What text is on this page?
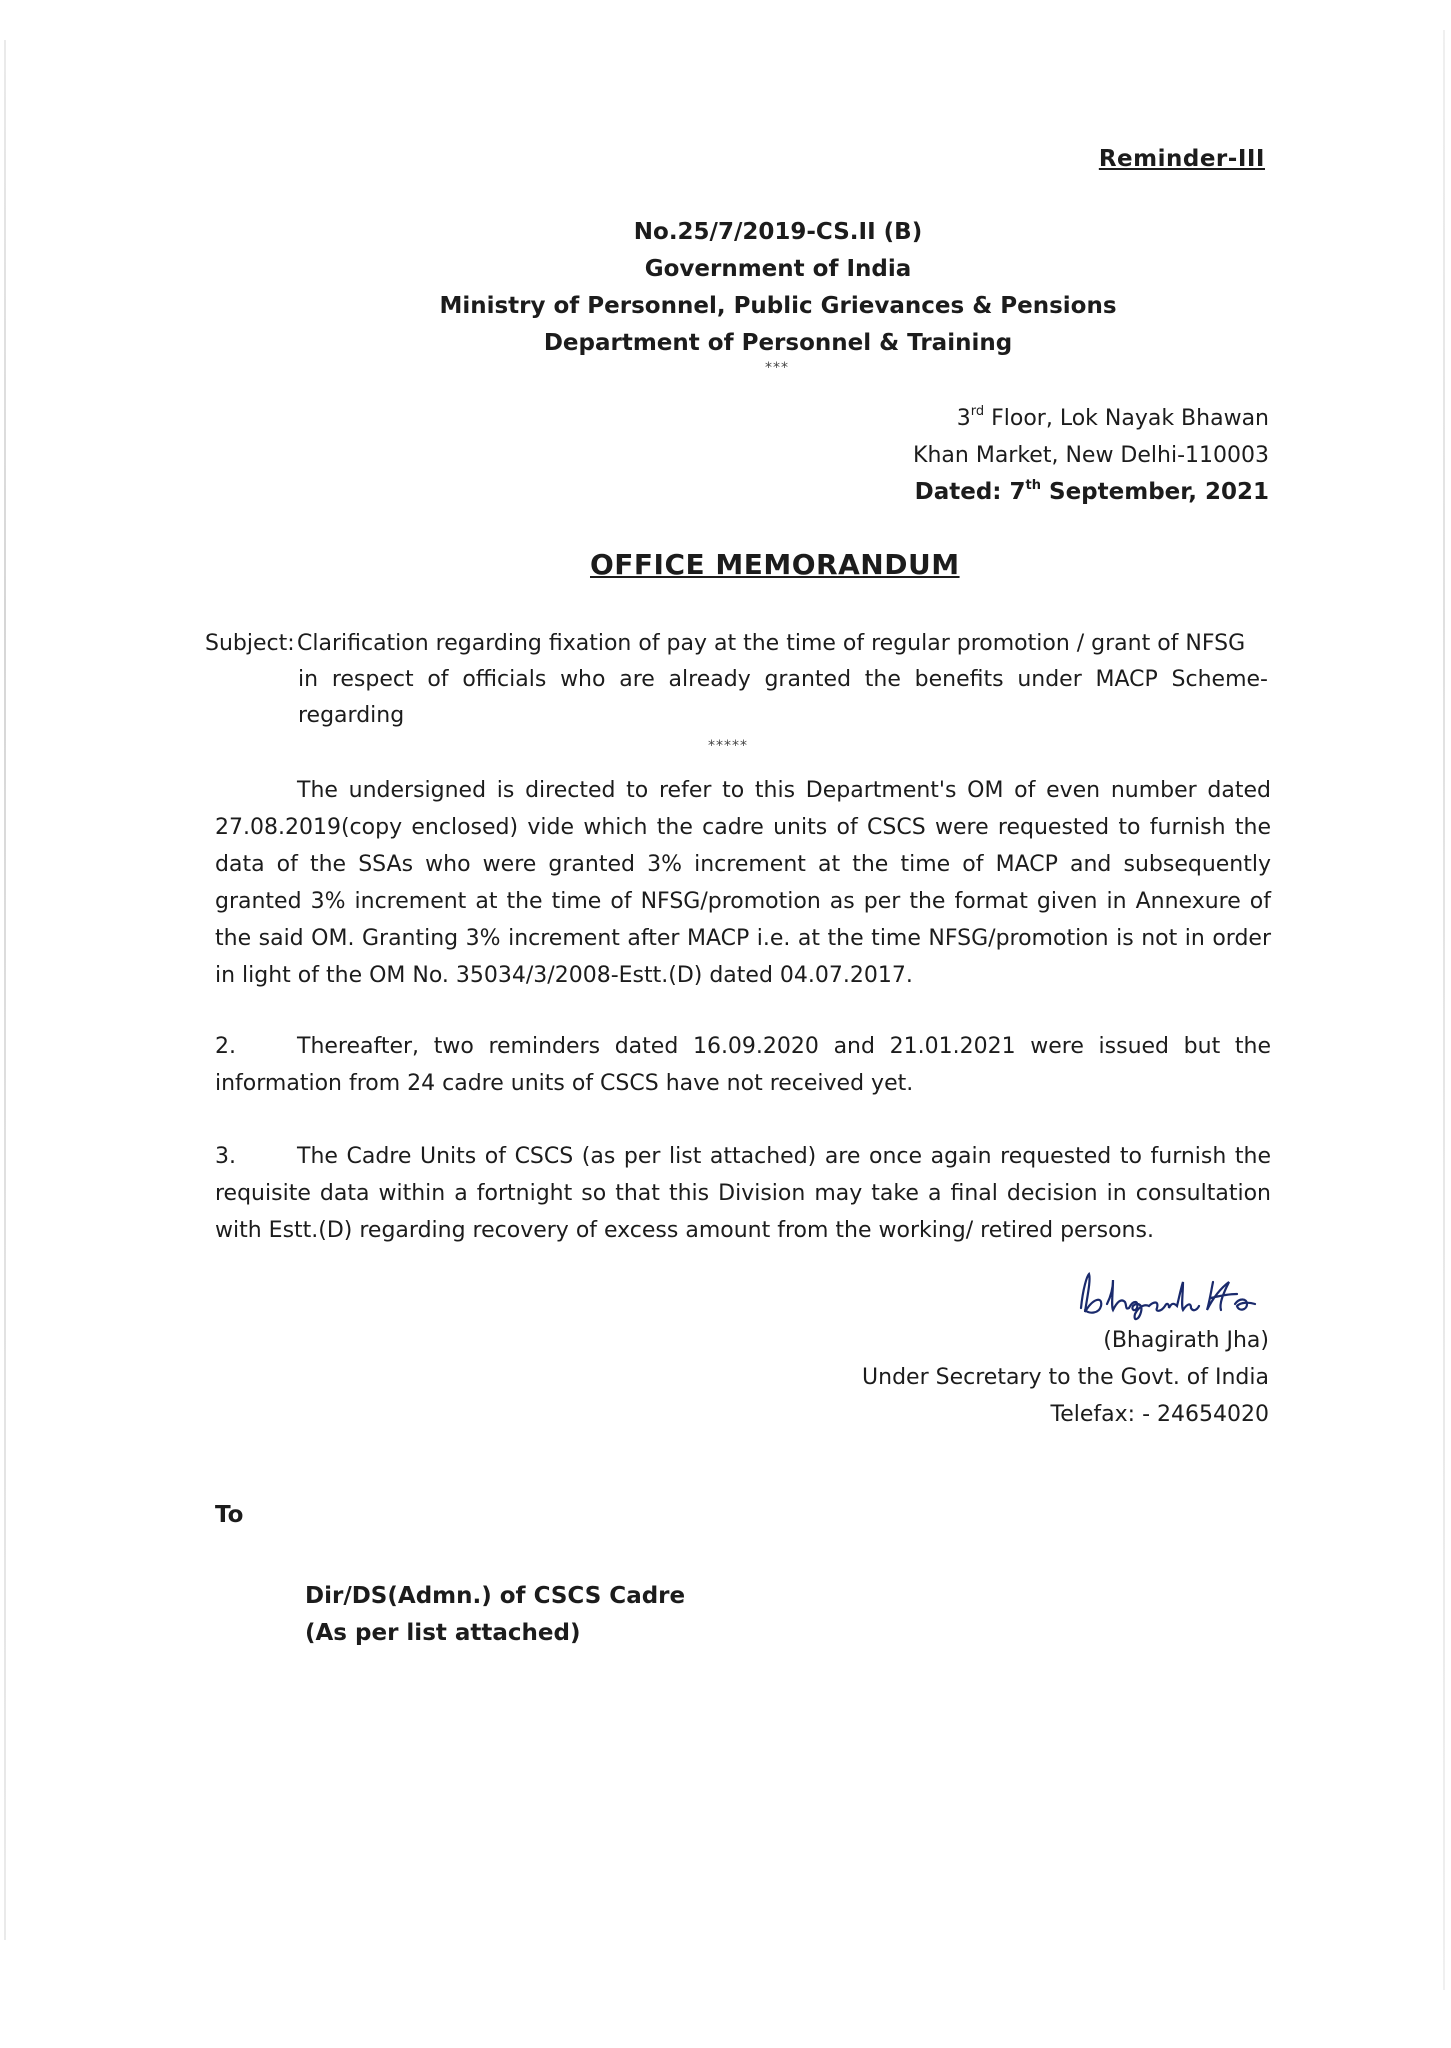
Reminder-III
No.25/7/2019-CS.II (B)
Government of India
Ministry of Personnel, Public Grievances & Pensions
Department of Personnel & Training
***
3rd Floor, Lok Nayak Bhawan
Khan Market, New Delhi-110003
Dated: 7th September, 2021
OFFICE MEMORANDUM
Subject: Clarification regarding fixation of pay at the time of regular promotion / grant of NFSG
in respect of officials who are already granted the benefits under MACP Scheme-regarding
*****
The undersigned is directed to refer to this Department's OM of even number dated 27.08.2019(copy enclosed) vide which the cadre units of CSCS were requested to furnish the data of the SSAs who were granted 3% increment at the time of MACP and subsequently granted 3% increment at the time of NFSG/promotion as per the format given in Annexure of the said OM. Granting 3% increment after MACP i.e. at the time NFSG/promotion is not in order in light of the OM No. 35034/3/2008-Estt.(D) dated 04.07.2017.
2.	Thereafter, two reminders dated 16.09.2020 and 21.01.2021 were issued but the information from 24 cadre units of CSCS have not received yet.
3.	The Cadre Units of CSCS (as per list attached) are once again requested to furnish the requisite data within a fortnight so that this Division may take a final decision in consultation with Estt.(D) regarding recovery of excess amount from the working/ retired persons.
(Bhagirath Jha)
Under Secretary to the Govt. of India
Telefax: - 24654020
To
Dir/DS(Admn.) of CSCS Cadre
(As per list attached)
